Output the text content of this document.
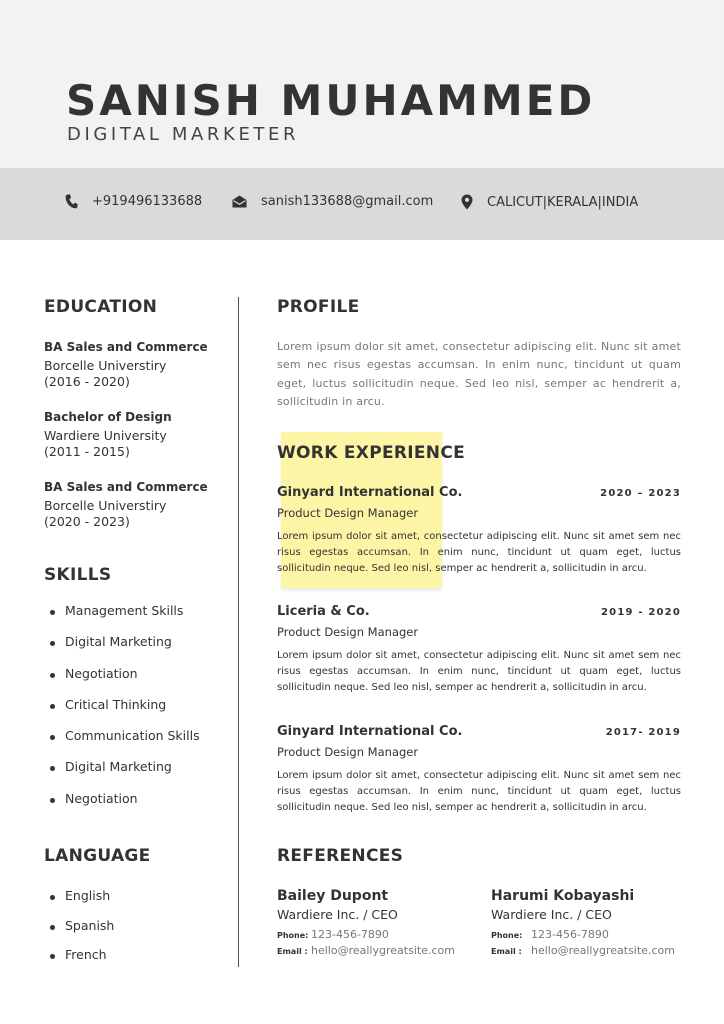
SANISH MUHAMMED
DIGITAL MARKETER
+919496133688	sanish133688@gmail.com	CALICUT|KERALA|INDIA
EDUCATION
BA Sales and Commerce
Borcelle Universtiry
(2016 - 2020)
Bachelor of Design
Wardiere University
(2011 - 2015)
BA Sales and Commerce
Borcelle Universtiry
(2020 - 2023)
SKILLS
Management Skills
Digital Marketing
Negotiation
Critical Thinking
Communication Skills
Digital Marketing
Negotiation
LANGUAGE
English
Spanish
French
PROFILE
Lorem ipsum dolor sit amet, consectetur adipiscing elit. Nunc sit amet sem nec risus egestas accumsan. In enim nunc, tincidunt ut quam eget, luctus sollicitudin neque. Sed leo nisl, semper ac hendrerit a, sollicitudin in arcu.
WORK EXPERIENCE
Ginyard International Co.	2020 – 2023
Product Design Manager
Lorem ipsum dolor sit amet, consectetur adipiscing elit. Nunc sit amet sem nec risus egestas accumsan. In enim nunc, tincidunt ut quam eget, luctus sollicitudin neque. Sed leo nisl, semper ac hendrerit a, sollicitudin in arcu.
Liceria & Co.	2019 - 2020
Product Design Manager
Lorem ipsum dolor sit amet, consectetur adipiscing elit. Nunc sit amet sem nec risus egestas accumsan. In enim nunc, tincidunt ut quam eget, luctus sollicitudin neque. Sed leo nisl, semper ac hendrerit a, sollicitudin in arcu.
Ginyard International Co.	2017- 2019
Product Design Manager
Lorem ipsum dolor sit amet, consectetur adipiscing elit. Nunc sit amet sem nec risus egestas accumsan. In enim nunc, tincidunt ut quam eget, luctus sollicitudin neque. Sed leo nisl, semper ac hendrerit a, sollicitudin in arcu.
REFERENCES
Bailey Dupont
Wardiere Inc. / CEO
Phone: 123-456-7890
Email : hello@reallygreatsite.com
Harumi Kobayashi
Wardiere Inc. / CEO
Phone: 123-456-7890
Email : hello@reallygreatsite.com
